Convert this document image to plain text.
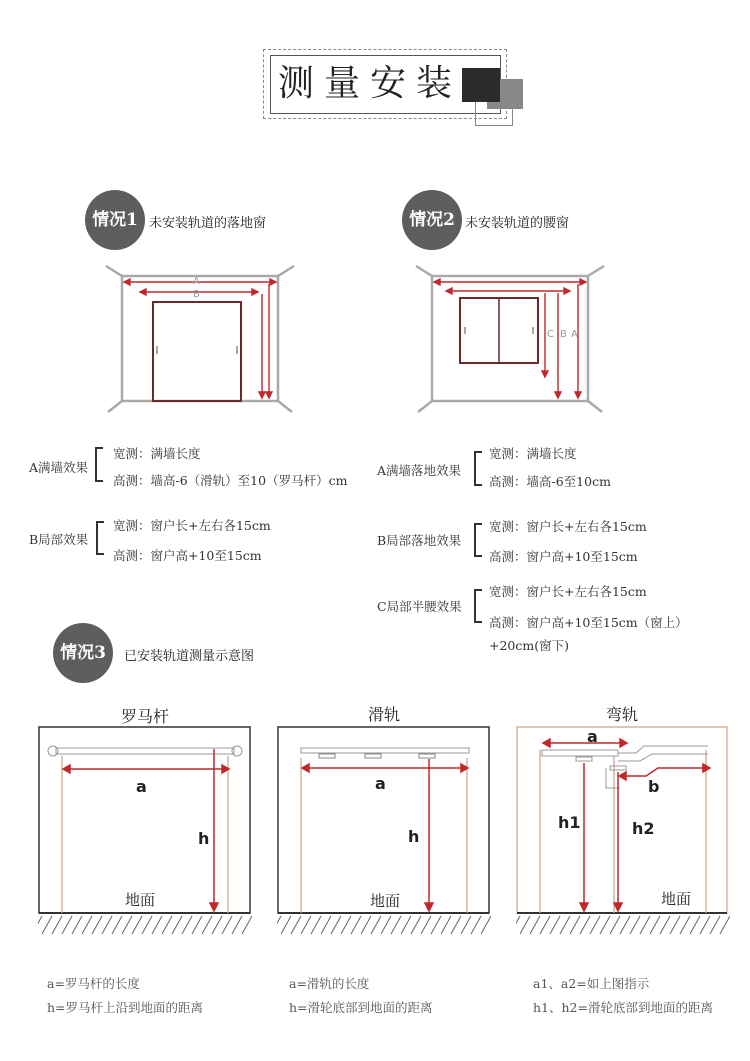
测量安装
情况1 未安装轨道的落地窗
A
B
A满墙效果
宽测：满墙长度
高测：墙高-6（滑轨）至10（罗马杆）cm
B局部效果
宽测：窗户长+左右各15cm
高测：窗户高+10至15cm
情况2 未安装轨道的腰窗
C B A
A满墙落地效果
宽测：满墙长度
高测：墙高-6至10cm
B局部落地效果
宽测：窗户长+左右各15cm
高测：窗户高+10至15cm
C局部半腰效果
宽测：窗户长+左右各15cm
高测：窗户高+10至15cm（窗上）
+20cm(窗下)
情况3	已安装轨道测量示意图
罗马杆	滑轨	弯轨
a
h
地面
a
h
地面
a
b
h1	h2
地面
a=罗马杆的长度
h=罗马杆上沿到地面的距离
a=滑轨的长度
h=滑轮底部到地面的距离
a1、a2=如上图指示
h1、h2=滑轮底部到地面的距离
